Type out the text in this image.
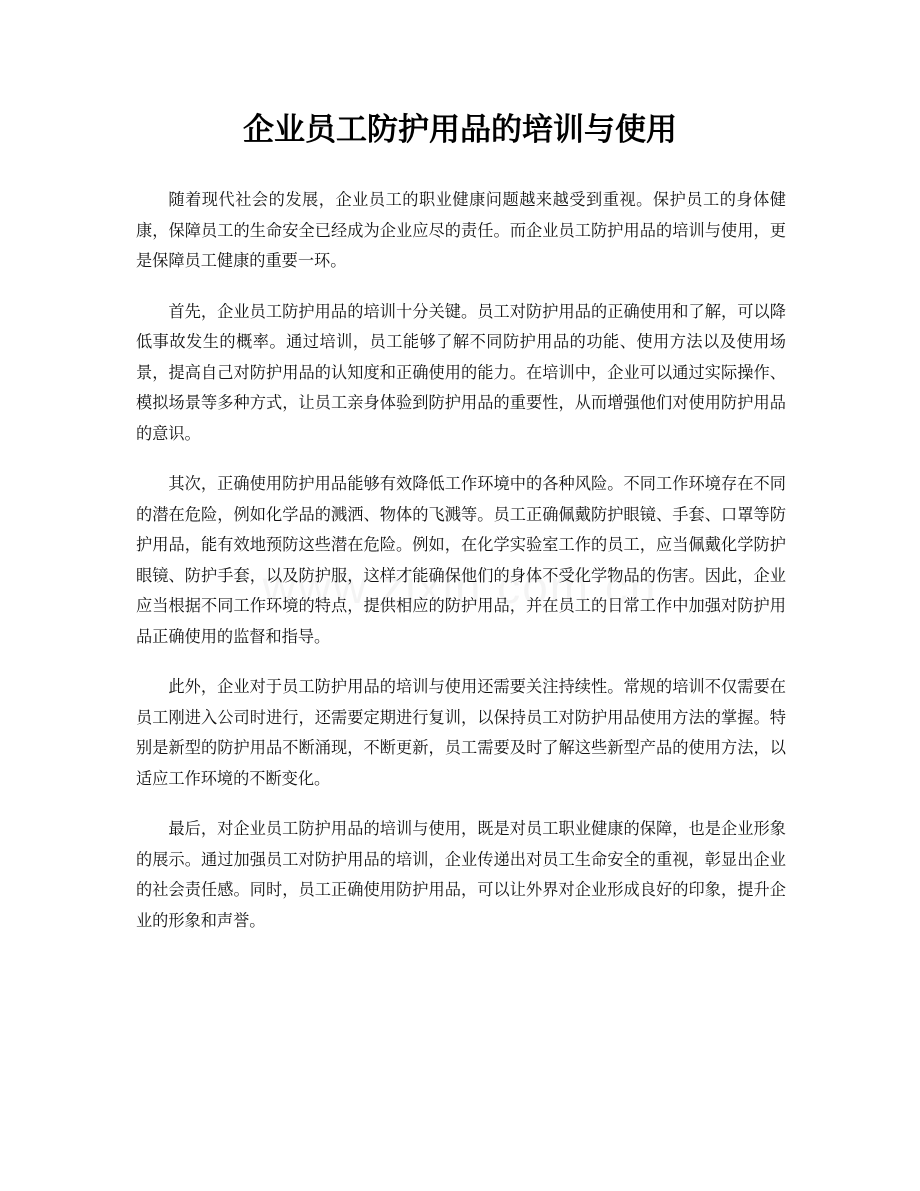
企业员工防护用品的培训与使用

随着现代社会的发展，企业员工的职业健康问题越来越受到重视。保护员工的身体健康，保障员工的生命安全已经成为企业应尽的责任。而企业员工防护用品的培训与使用，更是保障员工健康的重要一环。

首先，企业员工防护用品的培训十分关键。员工对防护用品的正确使用和了解，可以降低事故发生的概率。通过培训，员工能够了解不同防护用品的功能、使用方法以及使用场景，提高自己对防护用品的认知度和正确使用的能力。在培训中，企业可以通过实际操作、模拟场景等多种方式，让员工亲身体验到防护用品的重要性，从而增强他们对使用防护用品的意识。

其次，正确使用防护用品能够有效降低工作环境中的各种风险。不同工作环境存在不同的潜在危险，例如化学品的溅洒、物体的飞溅等。员工正确佩戴防护眼镜、手套、口罩等防护用品，能有效地预防这些潜在危险。例如，在化学实验室工作的员工，应当佩戴化学防护眼镜、防护手套，以及防护服，这样才能确保他们的身体不受化学物品的伤害。因此，企业应当根据不同工作环境的特点，提供相应的防护用品，并在员工的日常工作中加强对防护用品正确使用的监督和指导。

此外，企业对于员工防护用品的培训与使用还需要关注持续性。常规的培训不仅需要在员工刚进入公司时进行，还需要定期进行复训，以保持员工对防护用品使用方法的掌握。特别是新型的防护用品不断涌现，不断更新，员工需要及时了解这些新型产品的使用方法，以适应工作环境的不断变化。

最后，对企业员工防护用品的培训与使用，既是对员工职业健康的保障，也是企业形象的展示。通过加强员工对防护用品的培训，企业传递出对员工生命安全的重视，彰显出企业的社会责任感。同时，员工正确使用防护用品，可以让外界对企业形成良好的印象，提升企业的形象和声誉。
